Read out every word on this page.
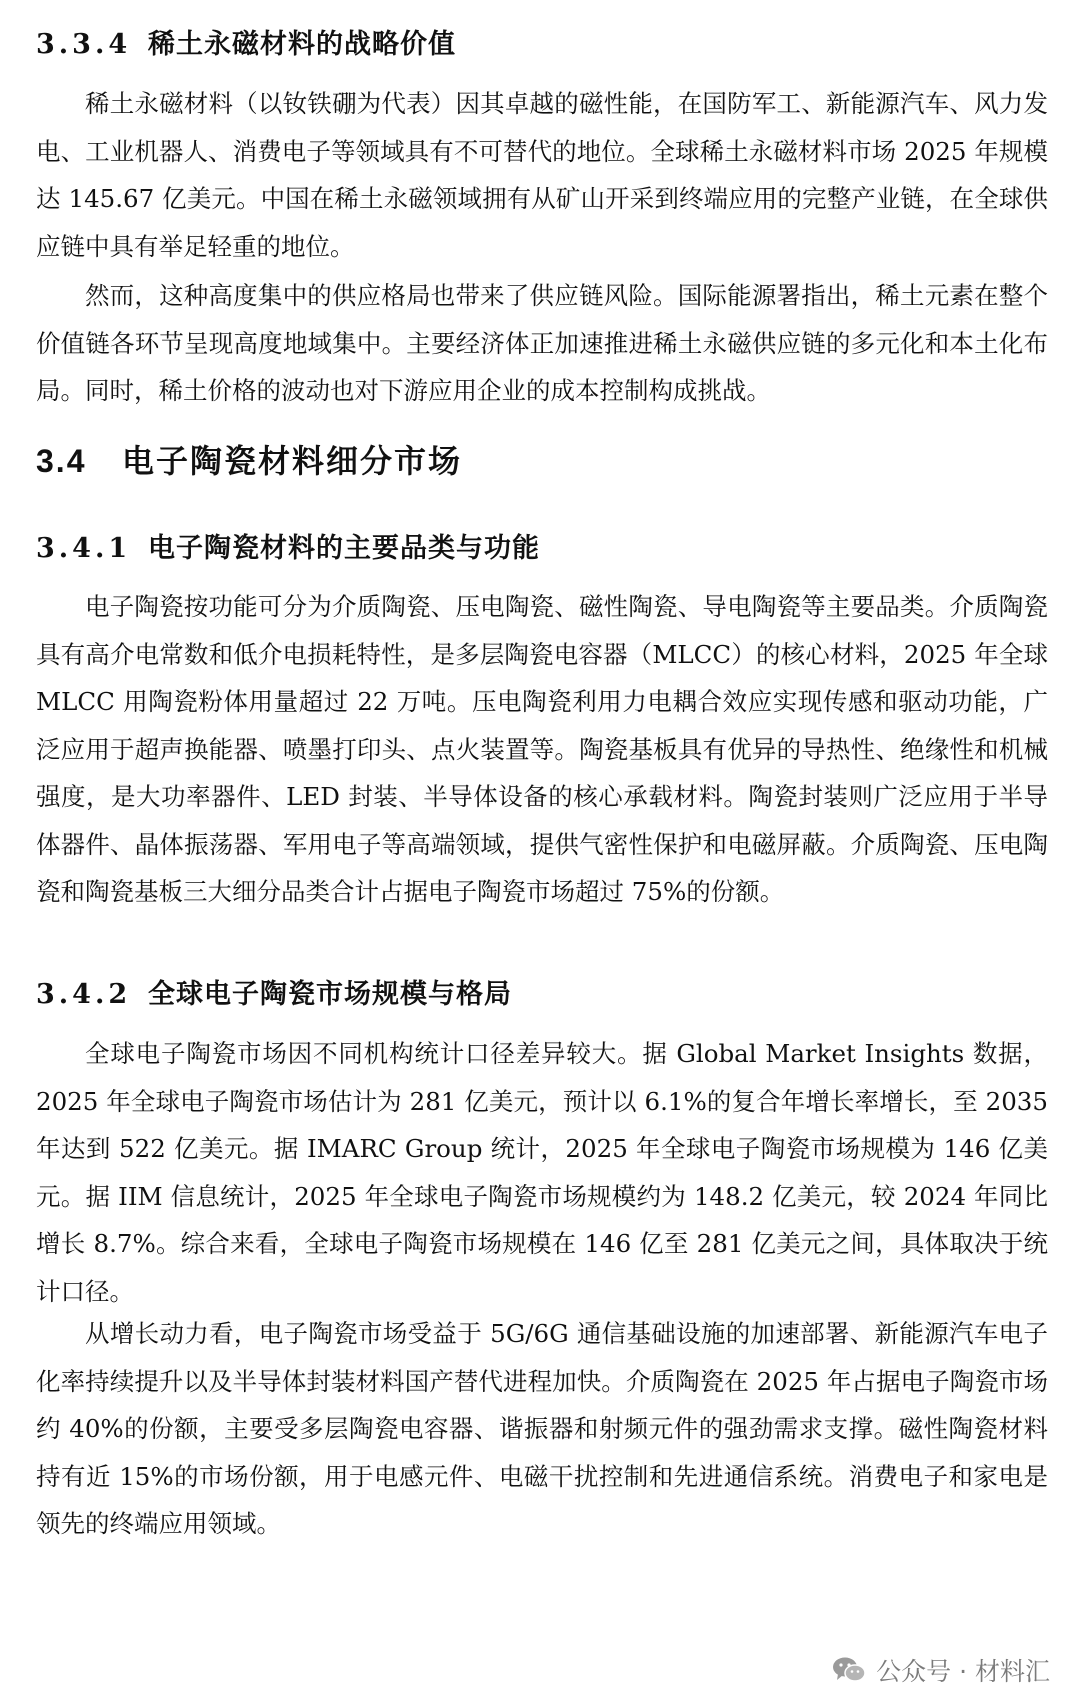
3.3.4 稀土永磁材料的战略价值

稀土永磁材料（以钕铁硼为代表）因其卓越的磁性能，在国防军工、新能源汽车、风力发电、工业机器人、消费电子等领域具有不可替代的地位。全球稀土永磁材料市场 2025 年规模达 145.67 亿美元。中国在稀土永磁领域拥有从矿山开采到终端应用的完整产业链，在全球供应链中具有举足轻重的地位。

然而，这种高度集中的供应格局也带来了供应链风险。国际能源署指出，稀土元素在整个价值链各环节呈现高度地域集中。主要经济体正加速推进稀土永磁供应链的多元化和本土化布局。同时，稀土价格的波动也对下游应用企业的成本控制构成挑战。

3.4 电子陶瓷材料细分市场
3.4.1 电子陶瓷材料的主要品类与功能

电子陶瓷按功能可分为介质陶瓷、压电陶瓷、磁性陶瓷、导电陶瓷等主要品类。介质陶瓷具有高介电常数和低介电损耗特性，是多层陶瓷电容器（MLCC）的核心材料，2025 年全球 MLCC 用陶瓷粉体用量超过 22 万吨。压电陶瓷利用力电耦合效应实现传感和驱动功能，广泛应用于超声换能器、喷墨打印头、点火装置等。陶瓷基板具有优异的导热性、绝缘性和机械强度，是大功率器件、LED 封装、半导体设备的核心承载材料。陶瓷封装则广泛应用于半导体器件、晶体振荡器、军用电子等高端领域，提供气密性保护和电磁屏蔽。介质陶瓷、压电陶瓷和陶瓷基板三大细分品类合计占据电子陶瓷市场超过 75%的份额。

3.4.2 全球电子陶瓷市场规模与格局

全球电子陶瓷市场因不同机构统计口径差异较大。据 Global Market Insights 数据，2025 年全球电子陶瓷市场估计为 281 亿美元，预计以 6.1%的复合年增长率增长，至 2035 年达到 522 亿美元。据 IMARC Group 统计，2025 年全球电子陶瓷市场规模为 146 亿美元。据 IIM 信息统计，2025 年全球电子陶瓷市场规模约为 148.2 亿美元，较 2024 年同比增长 8.7%。综合来看，全球电子陶瓷市场规模在 146 亿至 281 亿美元之间，具体取决于统计口径。

从增长动力看，电子陶瓷市场受益于 5G/6G 通信基础设施的加速部署、新能源汽车电子化率持续提升以及半导体封装材料国产替代进程加快。介质陶瓷在 2025 年占据电子陶瓷市场约 40%的份额，主要受多层陶瓷电容器、谐振器和射频元件的强劲需求支撑。磁性陶瓷材料持有近 15%的市场份额，用于电感元件、电磁干扰控制和先进通信系统。消费电子和家电是领先的终端应用领域。

公众号 · 材料汇
